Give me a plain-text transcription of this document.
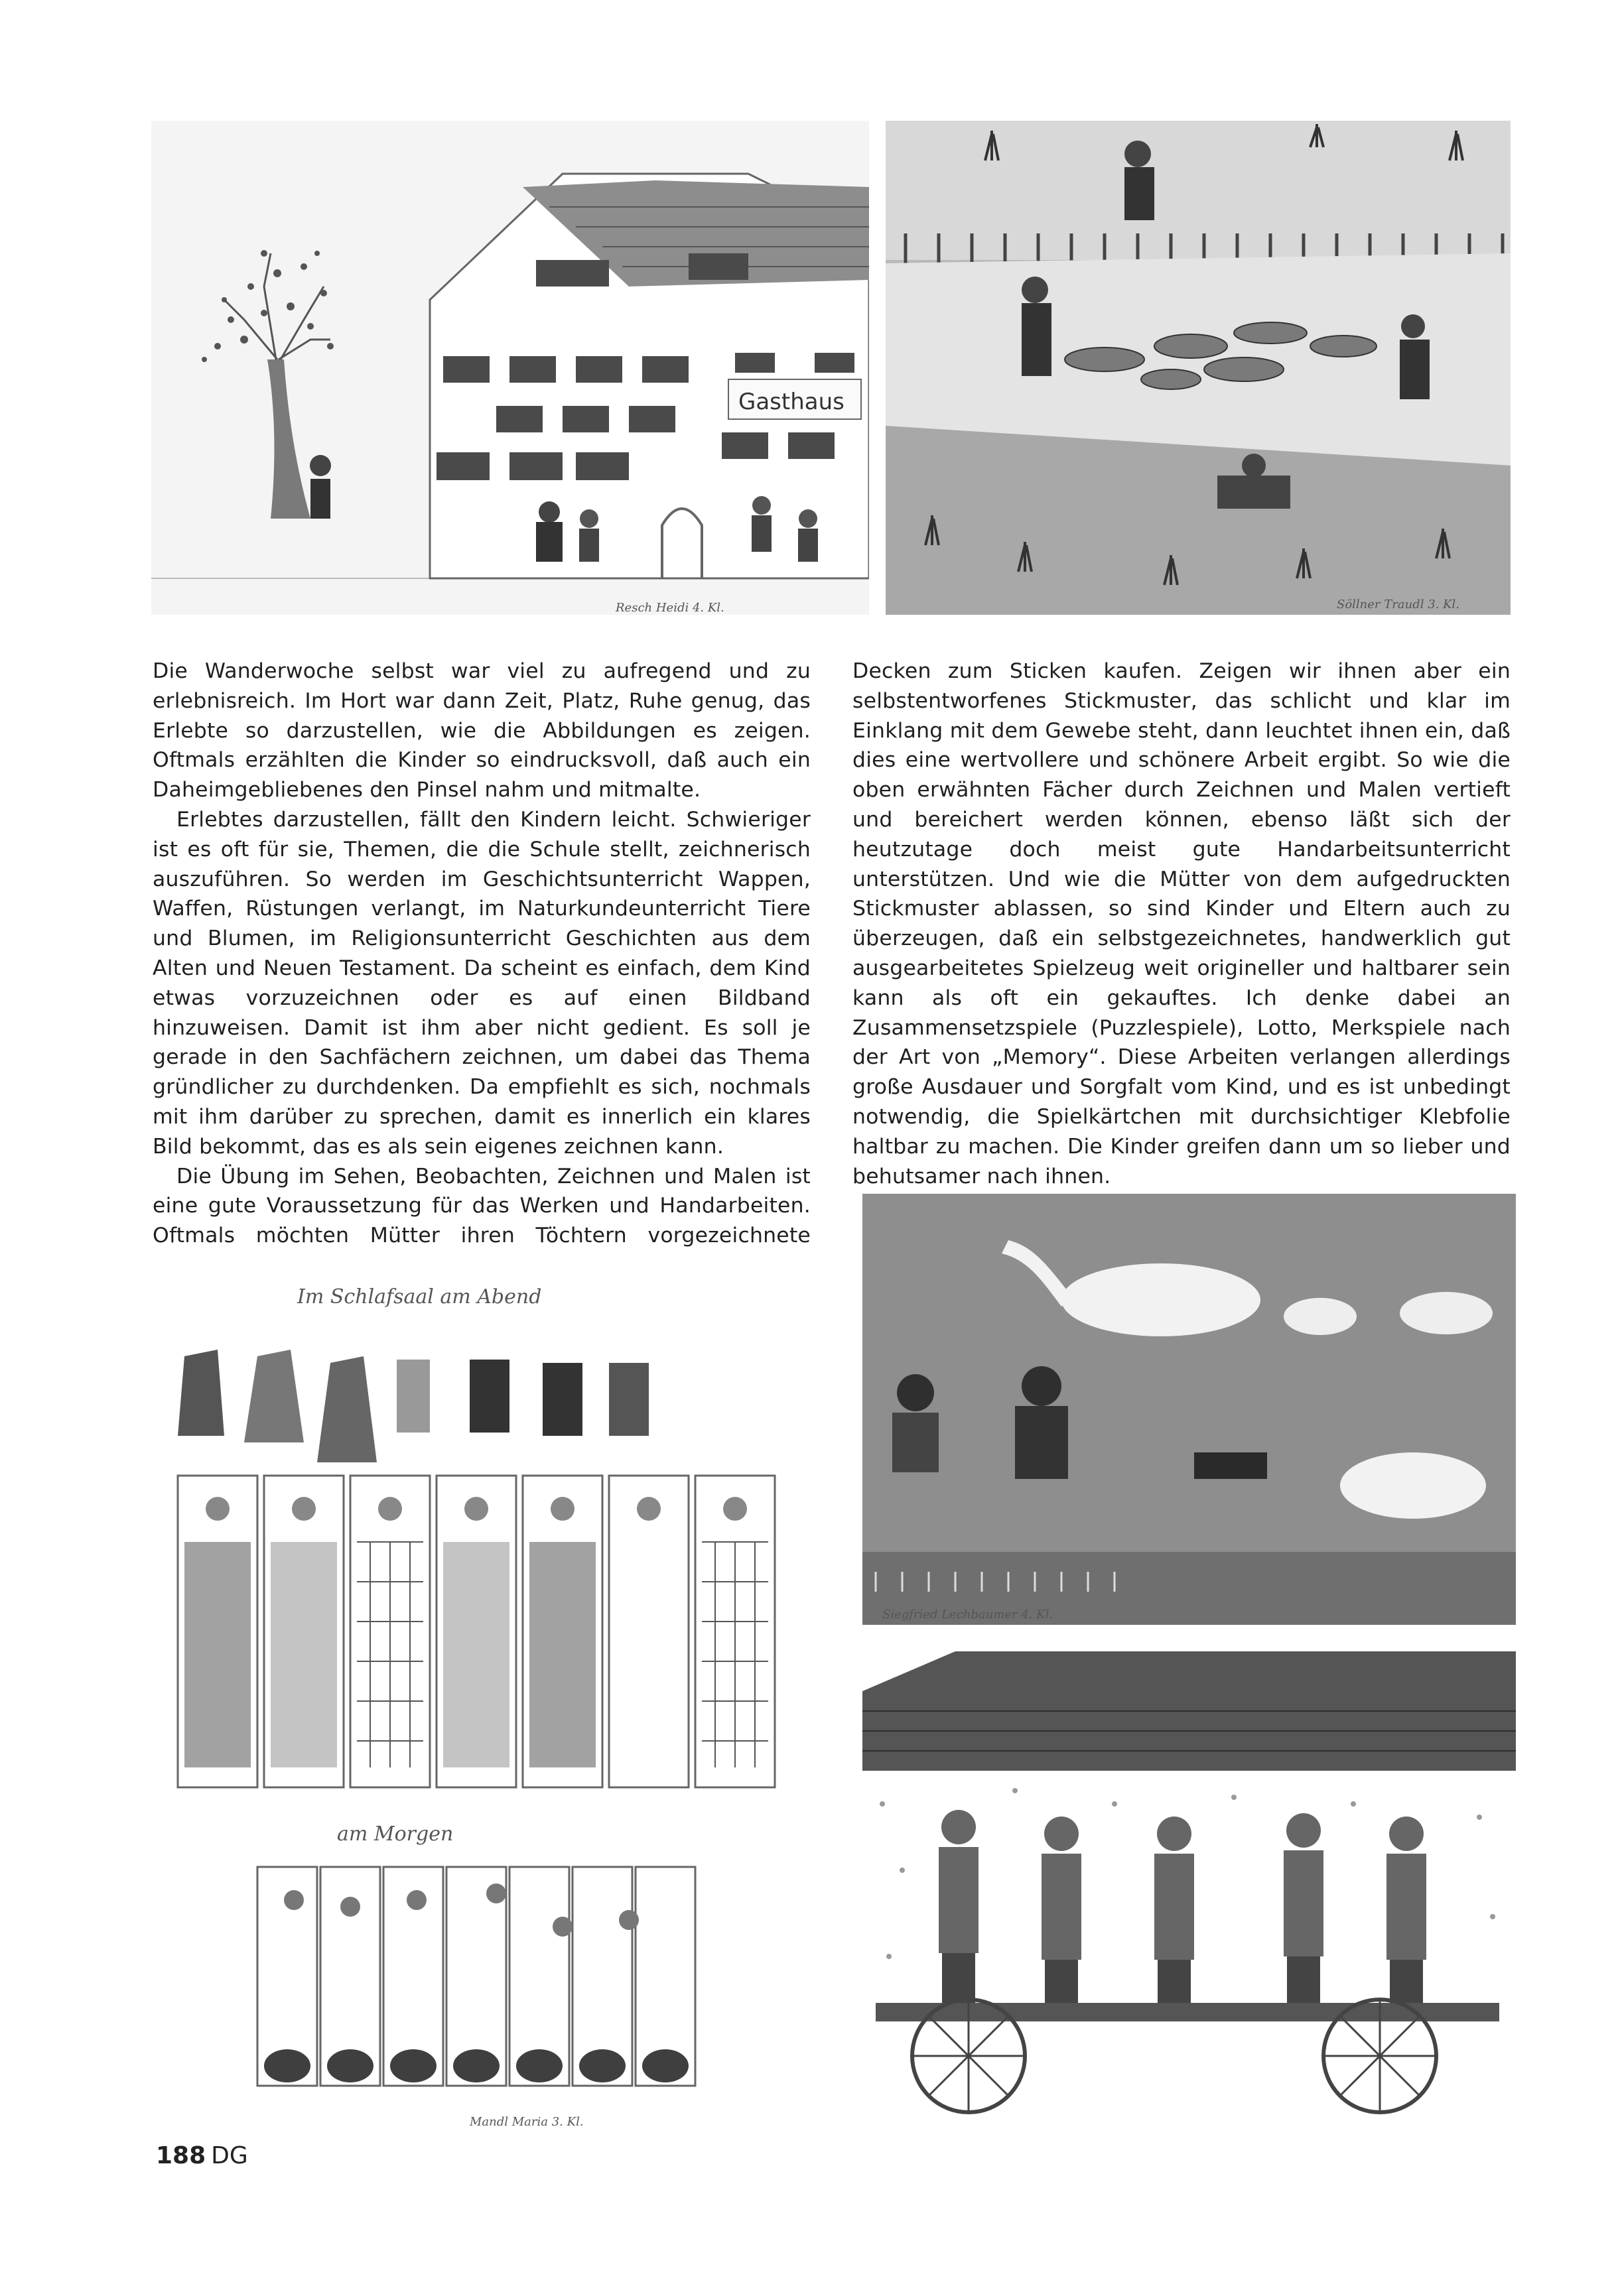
Gasthaus
Resch Heidi 4. Kl.	Söllner Traudl 3. Kl.

Die Wanderwoche selbst war viel zu aufregend und zu erlebnisreich. Im Hort war dann Zeit, Platz, Ruhe genug, das Erlebte so darzustellen, wie die Abbildungen es zeigen. Oftmals erzählten die Kinder so eindrucksvoll, daß auch ein Daheimgebliebenes den Pinsel nahm und mitmalte.

Erlebtes darzustellen, fällt den Kindern leicht. Schwieriger ist es oft für sie, Themen, die die Schule stellt, zeichnerisch auszuführen. So werden im Geschichtsunterricht Wappen, Waffen, Rüstungen verlangt, im Naturkundeunterricht Tiere und Blumen, im Religionsunterricht Geschichten aus dem Alten und Neuen Testament. Da scheint es einfach, dem Kind etwas vorzuzeichnen oder es auf einen Bildband hinzuweisen. Damit ist ihm aber nicht gedient. Es soll je gerade in den Sachfächern zeichnen, um dabei das Thema gründlicher zu durchdenken. Da empfiehlt es sich, nochmals mit ihm darüber zu sprechen, damit es innerlich ein klares Bild bekommt, das es als sein eigenes zeichnen kann.

Die Übung im Sehen, Beobachten, Zeichnen und Malen ist eine gute Voraussetzung für das Werken und Handarbeiten. Oftmals möchten Mütter ihren Töchtern vorgezeichnete

Decken zum Sticken kaufen. Zeigen wir ihnen aber ein selbstentworfenes Stickmuster, das schlicht und klar im Einklang mit dem Gewebe steht, dann leuchtet ihnen ein, daß dies eine wertvollere und schönere Arbeit ergibt. So wie die oben erwähnten Fächer durch Zeichnen und Malen vertieft und bereichert werden können, ebenso läßt sich der heutzutage doch meist gute Handarbeitsunterricht unterstützen. Und wie die Mütter von dem aufgedruckten Stickmuster ablassen, so sind Kinder und Eltern auch zu überzeugen, daß ein selbstgezeichnetes, handwerklich gut ausgearbeitetes Spielzeug weit origineller und haltbarer sein kann als oft ein gekauftes. Ich denke dabei an Zusammensetzspiele (Puzzlespiele), Lotto, Merkspiele nach der Art von „Memory“. Diese Arbeiten verlangen allerdings große Ausdauer und Sorgfalt vom Kind, und es ist unbedingt notwendig, die Spielkärtchen mit durchsichtiger Klebfolie haltbar zu machen. Die Kinder greifen dann um so lieber und behutsamer nach ihnen.

Im Schlafsaal am Abend
am Morgen
Mandl Maria 3. Kl.
Siegfried Lechbaumer 4. Kl.
188 DG
